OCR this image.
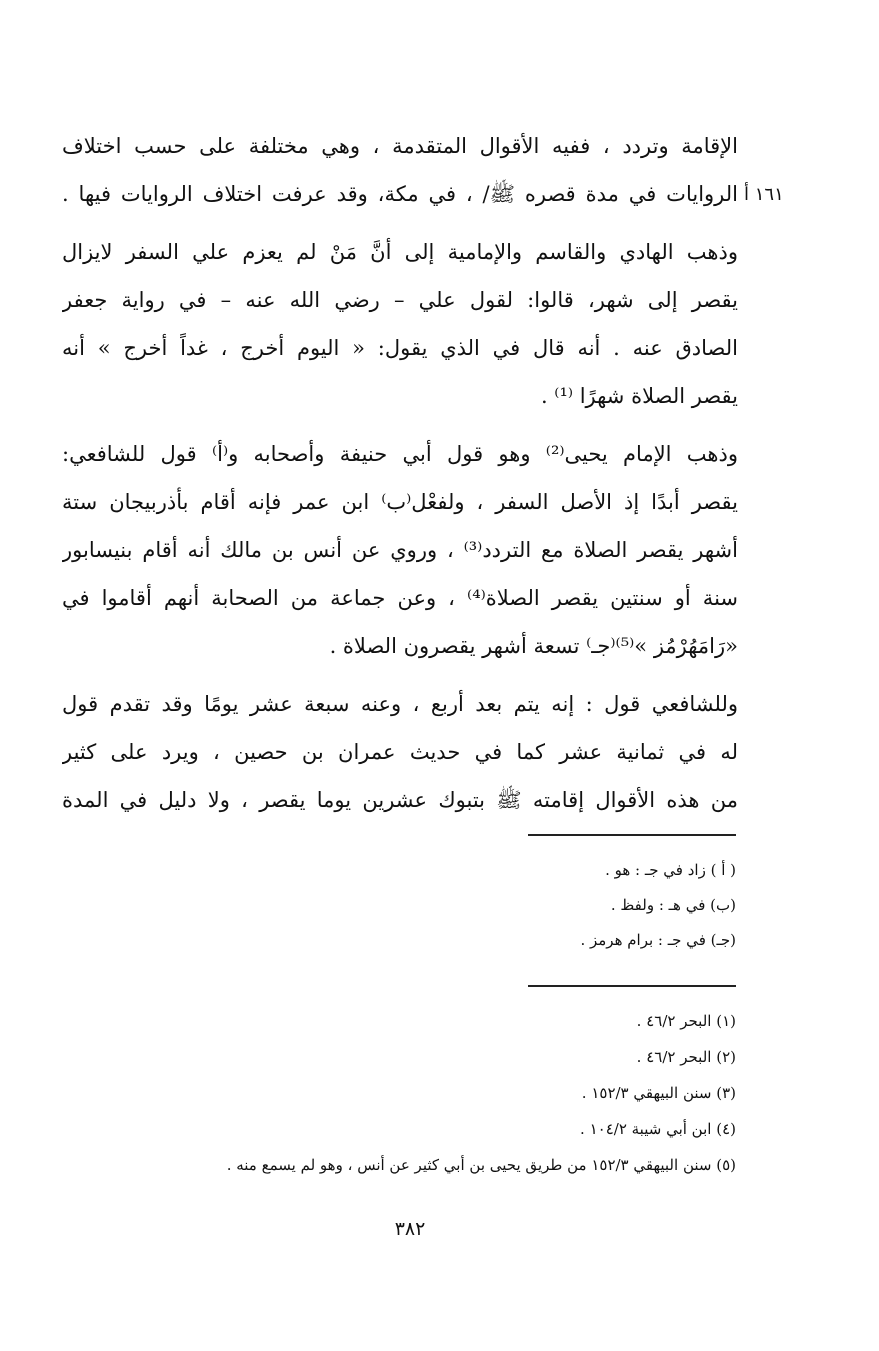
١٦١ أ
الإقامة وتردد ، ففيه الأقوال المتقدمة ، وهي مختلفة على حسب اختلاف
الروايات في مدة قصره ﷺ/ ، في مكة، وقد عرفت اختلاف الروايات فيها .
وذهب الهادي والقاسم والإمامية إلى أنَّ مَنْ لم يعزم علي السفر لايزال
يقصر إلى شهر، قالوا: لقول علي – رضي الله عنه – في رواية جعفر
الصادق عنه . أنه قال في الذي يقول: « اليوم أخرج ، غداً أخرج » أنه
يقصر الصلاة شهرًا ⁽¹⁾ .
وذهب الإمام يحيى⁽²⁾ وهو قول أبي حنيفة وأصحابه و⁽أ⁾ قول للشافعي:
يقصر أبدًا إذ الأصل السفر ، ولفعْل⁽ب⁾ ابن عمر فإنه أقام بأذربيجان ستة
أشهر يقصر الصلاة مع التردد⁽³⁾ ، وروي عن أنس بن مالك أنه أقام بنيسابور
سنة أو سنتين يقصر الصلاة⁽⁴⁾ ، وعن جماعة من الصحابة أنهم أقاموا في
«رَامَهُرْمُز »⁽⁵⁾⁽جـ⁾ تسعة أشهر يقصرون الصلاة .
وللشافعي قول : إنه يتم بعد أربع ، وعنه سبعة عشر يومًا وقد تقدم قول
له في ثمانية عشر كما في حديث عمران بن حصين ، ويرد على كثير
من هذه الأقوال إقامته ﷺ بتبوك عشرين يوما يقصر ، ولا دليل في المدة
( أ ) زاد في جـ : هو .
(ب) في هـ : ولفظ .
(جـ) في جـ : برام هرمز .
(١) البحر ٤٦/٢ .
(٢) البحر ٤٦/٢ .
(٣) سنن البيهقي ١٥٢/٣ .
(٤) ابن أبي شيبة ١٠٤/٢ .
(٥) سنن البيهقي ١٥٢/٣ من طريق يحيى بن أبي كثير عن أنس ، وهو لم يسمع منه .
٣٨٢
